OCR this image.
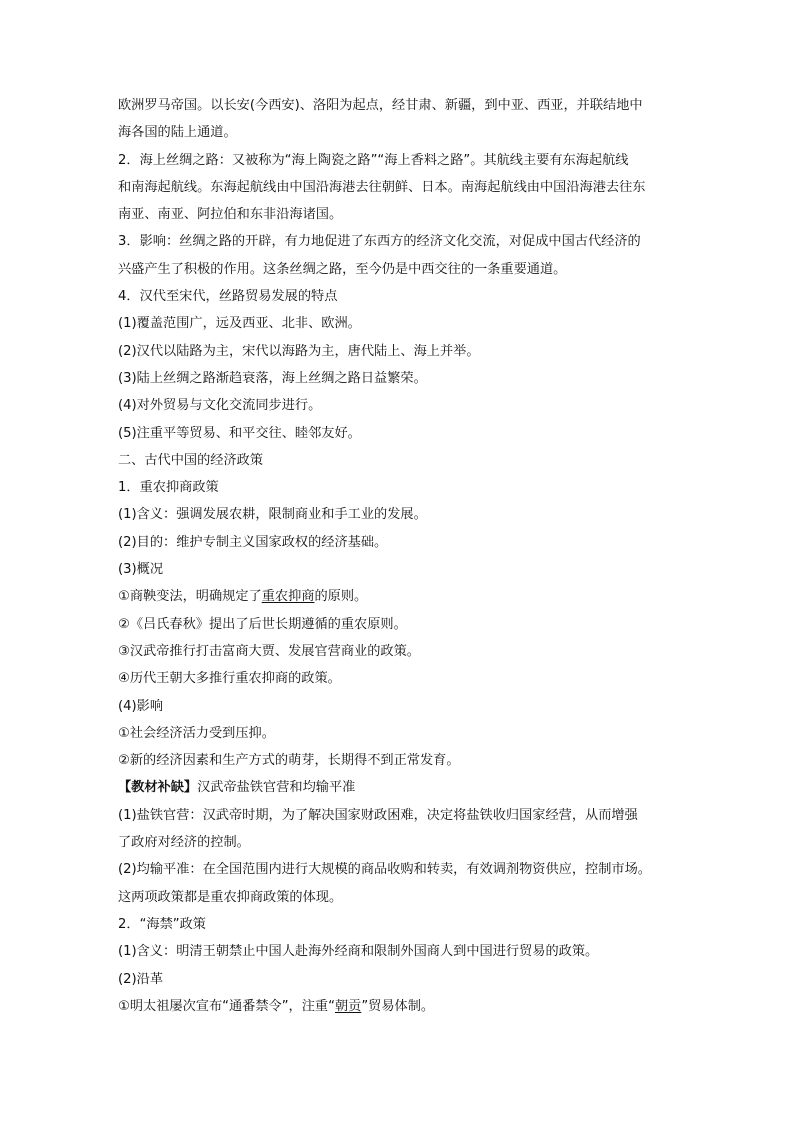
欧洲罗马帝国。以长安(今西安)、洛阳为起点，经甘肃、新疆，到中亚、西亚，并联结地中
海各国的陆上通道。
2．海上丝绸之路：又被称为“海上陶瓷之路”“海上香料之路”。其航线主要有东海起航线
和南海起航线。东海起航线由中国沿海港去往朝鲜、日本。南海起航线由中国沿海港去往东
南亚、南亚、阿拉伯和东非沿海诸国。
3．影响：丝绸之路的开辟，有力地促进了东西方的经济文化交流，对促成中国古代经济的
兴盛产生了积极的作用。这条丝绸之路，至今仍是中西交往的一条重要通道。
4．汉代至宋代，丝路贸易发展的特点
(1)覆盖范围广，远及西亚、北非、欧洲。
(2)汉代以陆路为主，宋代以海路为主，唐代陆上、海上并举。
(3)陆上丝绸之路渐趋衰落，海上丝绸之路日益繁荣。
(4)对外贸易与文化交流同步进行。
(5)注重平等贸易、和平交往、睦邻友好。
二、古代中国的经济政策
1．重农抑商政策
(1)含义：强调发展农耕，限制商业和手工业的发展。
(2)目的：维护专制主义国家政权的经济基础。
(3)概况
①商鞅变法，明确规定了重农抑商的原则。
②《吕氏春秋》提出了后世长期遵循的重农原则。
③汉武帝推行打击富商大贾、发展官营商业的政策。
④历代王朝大多推行重农抑商的政策。
(4)影响
①社会经济活力受到压抑。
②新的经济因素和生产方式的萌芽，长期得不到正常发育。
【教材补缺】汉武帝盐铁官营和均输平准
(1)盐铁官营：汉武帝时期，为了解决国家财政困难，决定将盐铁收归国家经营，从而增强
了政府对经济的控制。
(2)均输平准：在全国范围内进行大规模的商品收购和转卖，有效调剂物资供应，控制市场。
这两项政策都是重农抑商政策的体现。
2．“海禁”政策
(1)含义：明清王朝禁止中国人赴海外经商和限制外国商人到中国进行贸易的政策。
(2)沿革
①明太祖屡次宣布“通番禁令”，注重“朝贡”贸易体制。
